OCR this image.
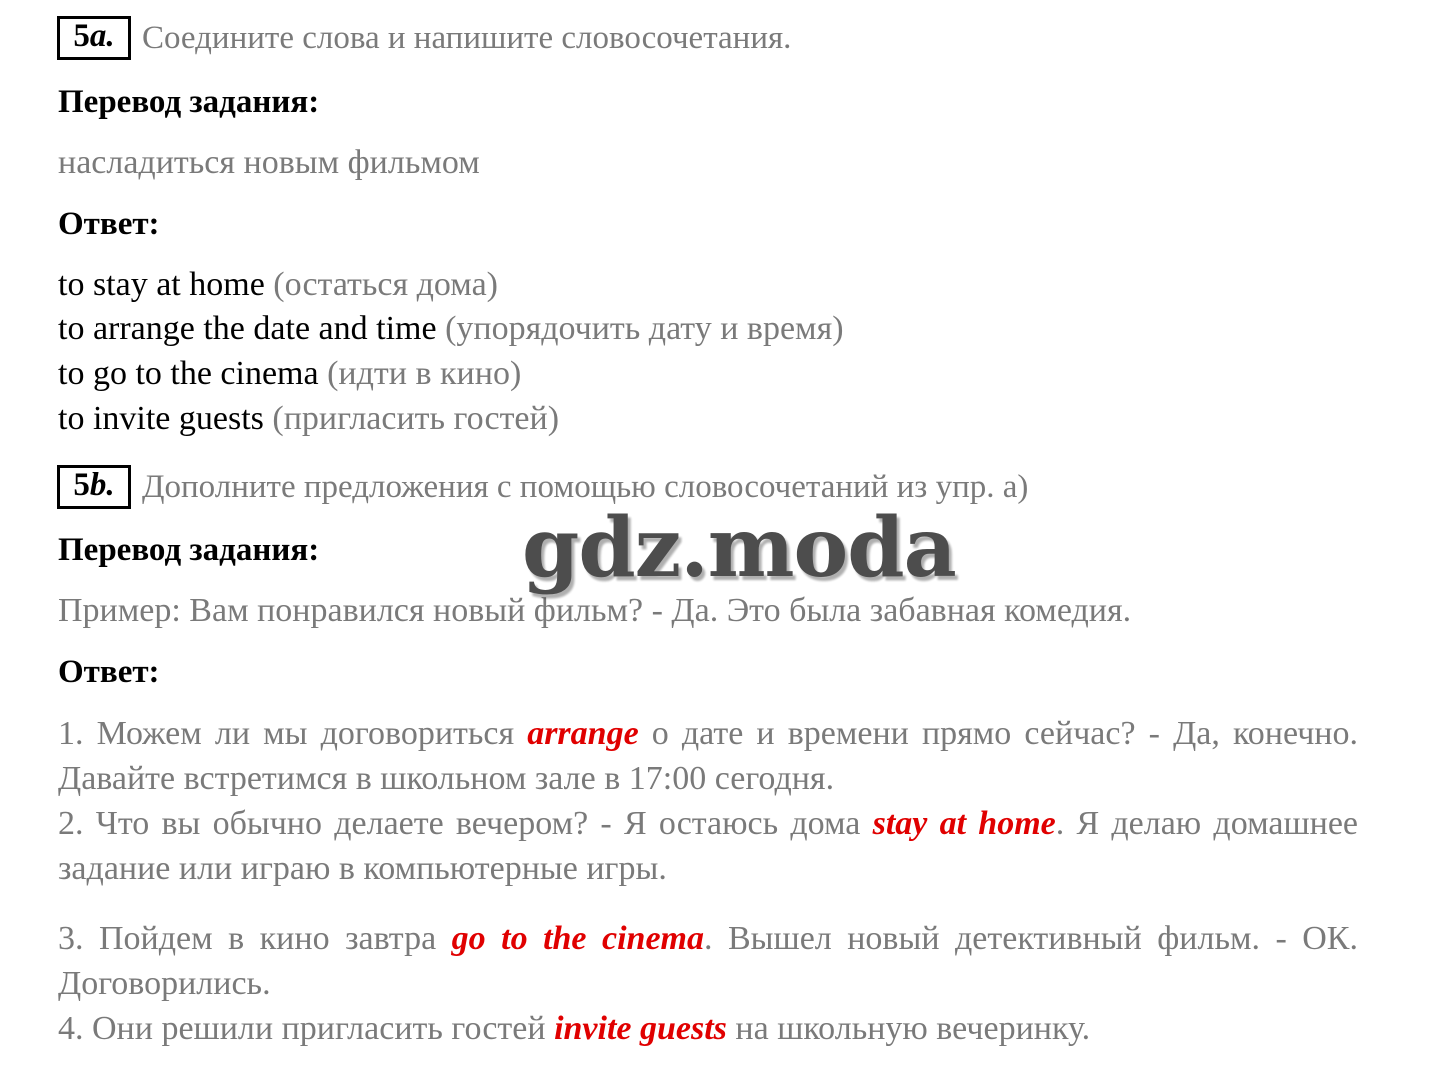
5a. Соедините слова и напишите словосочетания.
Перевод задания:
насладиться новым фильмом
Ответ:
to stay at home (остаться дома)
to arrange the date and time (упорядочить дату и время)
to go to the cinema (идти в кино)
to invite guests (пригласить гостей)
5b. Дополните предложения с помощью словосочетаний из упр. а)
Перевод задания:
Пример: Вам понравился новый фильм? - Да. Это была забавная комедия.
Ответ:
1. Можем ли мы договориться arrange о дате и времени прямо сейчас? - Да, конечно. Давайте встретимся в школьном зале в 17:00 сегодня.
2. Что вы обычно делаете вечером? - Я остаюсь дома stay at home. Я делаю домашнее задание или играю в компьютерные игры.
3. Пойдем в кино завтра go to the cinema. Вышел новый детективный фильм. - ОК. Договорились.
4. Они решили пригласить гостей invite guests на школьную вечеринку.
gdz.moda
